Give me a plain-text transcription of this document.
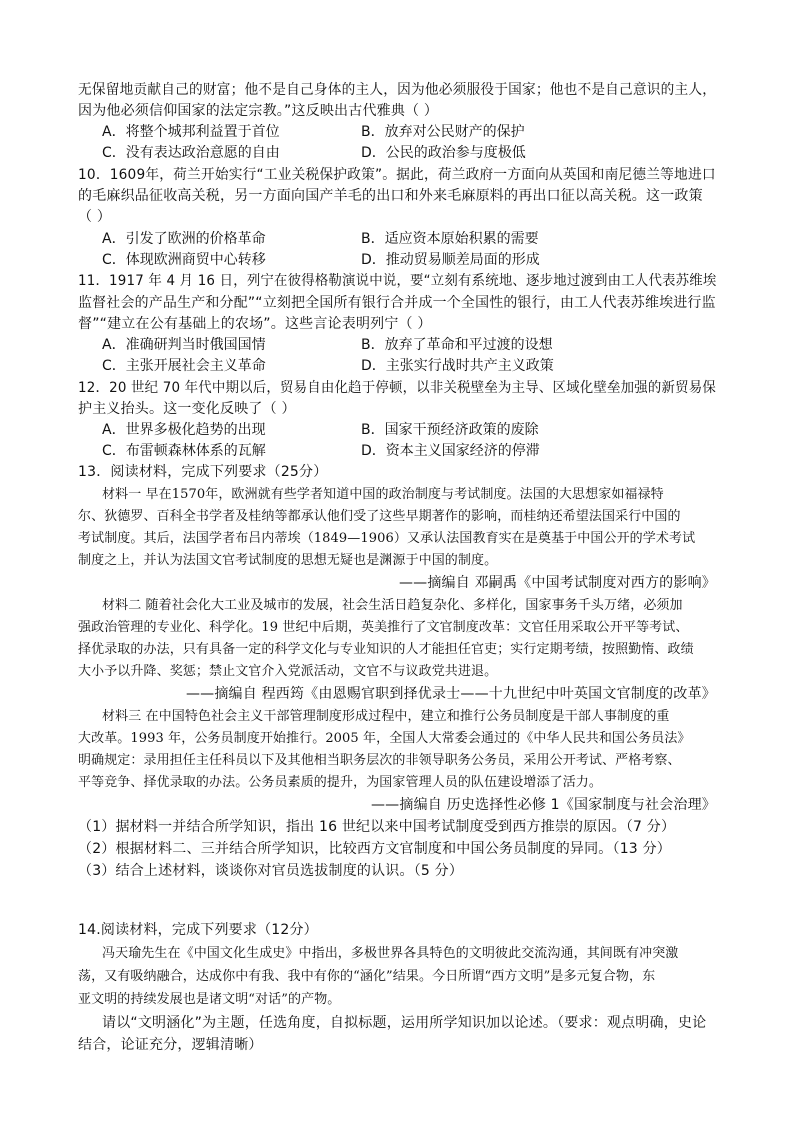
无保留地贡献自己的财富；他不是自己身体的主人，因为他必须服役于国家；他也不是自己意识的主人，
因为他必须信仰国家的法定宗教。”这反映出古代雅典（ ）
A．将整个城邦利益置于首位	B．放弃对公民财产的保护
C．没有表达政治意愿的自由	D．公民的政治参与度极低
10．1609年，荷兰开始实行“工业关税保护政策”。据此，荷兰政府一方面向从英国和南尼德兰等地进口
的毛麻织品征收高关税，另一方面向国产羊毛的出口和外来毛麻原料的再出口征以高关税。这一政策
（ ）
A．引发了欧洲的价格革命	B．适应资本原始积累的需要
C．体现欧洲商贸中心转移	D．推动贸易顺差局面的形成
11．1917 年 4 月 16 日，列宁在彼得格勒演说中说，要“立刻有系统地、逐步地过渡到由工人代表苏维埃
监督社会的产品生产和分配”“立刻把全国所有银行合并成一个全国性的银行，由工人代表苏维埃进行监
督”“建立在公有基础上的农场”。这些言论表明列宁（ ）
A．准确研判当时俄国国情	B．放弃了革命和平过渡的设想
C．主张开展社会主义革命	D．主张实行战时共产主义政策
12．20 世纪 70 年代中期以后，贸易自由化趋于停顿，以非关税壁垒为主导、区域化壁垒加强的新贸易保
护主义抬头。这一变化反映了（ ）
A．世界多极化趋势的出现	B．国家干预经济政策的废除
C．布雷顿森林体系的瓦解	D．资本主义国家经济的停滞
13．阅读材料，完成下列要求（25分）
材料一 早在1570年，欧洲就有些学者知道中国的政治制度与考试制度。法国的大思想家如福禄特
尔、狄德罗、百科全书学者及桂纳等都承认他们受了这些早期著作的影响，而桂纳还希望法国采行中国的
考试制度。其后，法国学者布吕内蒂埃（1849—1906）又承认法国教育实在是奠基于中国公开的学术考试
制度之上，并认为法国文官考试制度的思想无疑也是渊源于中国的制度。
——摘编自 邓嗣禹《中国考试制度对西方的影响》
材料二 随着社会化大工业及城市的发展，社会生活日趋复杂化、多样化，国家事务千头万绪，必须加
强政治管理的专业化、科学化。19 世纪中后期，英美推行了文官制度改革：文官任用采取公开平等考试、
择优录取的办法，只有具备一定的科学文化与专业知识的人才能担任官吏；实行定期考绩，按照勤惰、政绩
大小予以升降、奖惩；禁止文官介入党派活动，文官不与议政党共进退。
——摘编自 程西筠《由恩赐官职到择优录士——十九世纪中叶英国文官制度的改革》
材料三 在中国特色社会主义干部管理制度形成过程中，建立和推行公务员制度是干部人事制度的重
大改革。1993 年，公务员制度开始推行。2005 年，全国人大常委会通过的《中华人民共和国公务员法》
明确规定：录用担任主任科员以下及其他相当职务层次的非领导职务公务员，采用公开考试、严格考察、
平等竞争、择优录取的办法。公务员素质的提升，为国家管理人员的队伍建设增添了活力。
——摘编自 历史选择性必修 1《国家制度与社会治理》
（1）据材料一并结合所学知识，指出 16 世纪以来中国考试制度受到西方推崇的原因。（7 分）
（2）根据材料二、三并结合所学知识，比较西方文官制度和中国公务员制度的异同。（13 分）
（3）结合上述材料，谈谈你对官员选拔制度的认识。（5 分）
14.阅读材料，完成下列要求（12分）
冯天瑜先生在《中国文化生成史》中指出，多极世界各具特色的文明彼此交流沟通，其间既有冲突激
荡，又有吸纳融合，达成你中有我、我中有你的“涵化”结果。今日所谓“西方文明”是多元复合物，东
亚文明的持续发展也是诸文明“对话”的产物。
请以“文明涵化”为主题，任选角度，自拟标题，运用所学知识加以论述。（要求：观点明确，史论
结合，论证充分，逻辑清晰）
